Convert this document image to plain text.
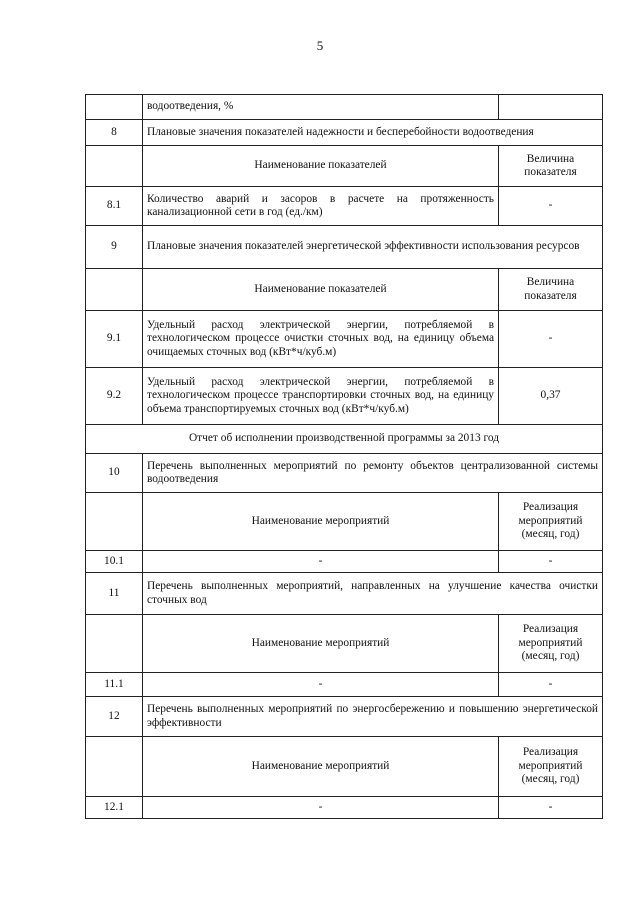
5
	водоотведения, %	
8	Плановые значения показателей надежности и бесперебойности водоотведения	
	Наименование показателей	Величина показателя
8.1	Количество аварий и засоров в расчете на протяженность канализационной сети в год (ед./км)	-
9	Плановые значения показателей энергетической эффективности использования ресурсов	
	Наименование показателей	Величина показателя
9.1	Удельный расход электрической энергии, потребляемой в технологическом процессе очистки сточных вод, на единицу объема очищаемых сточных вод (кВт*ч/куб.м)	-
9.2	Удельный расход электрической энергии, потребляемой в технологическом процессе транспортировки сточных вод, на единицу объема транспортируемых сточных вод (кВт*ч/куб.м)	0,37
Отчет об исполнении производственной программы за 2013 год		
10	Перечень выполненных мероприятий по ремонту объектов централизованной системы водоотведения	
	Наименование мероприятий	Реализация мероприятий (месяц, год)
10.1	-	-
11	Перечень выполненных мероприятий, направленных на улучшение качества очистки сточных вод	
	Наименование мероприятий	Реализация мероприятий (месяц, год)
11.1	-	-
12	Перечень выполненных мероприятий по энергосбережению и повышению энергетической эффективности	
	Наименование мероприятий	Реализация мероприятий (месяц, год)
12.1	-	-
